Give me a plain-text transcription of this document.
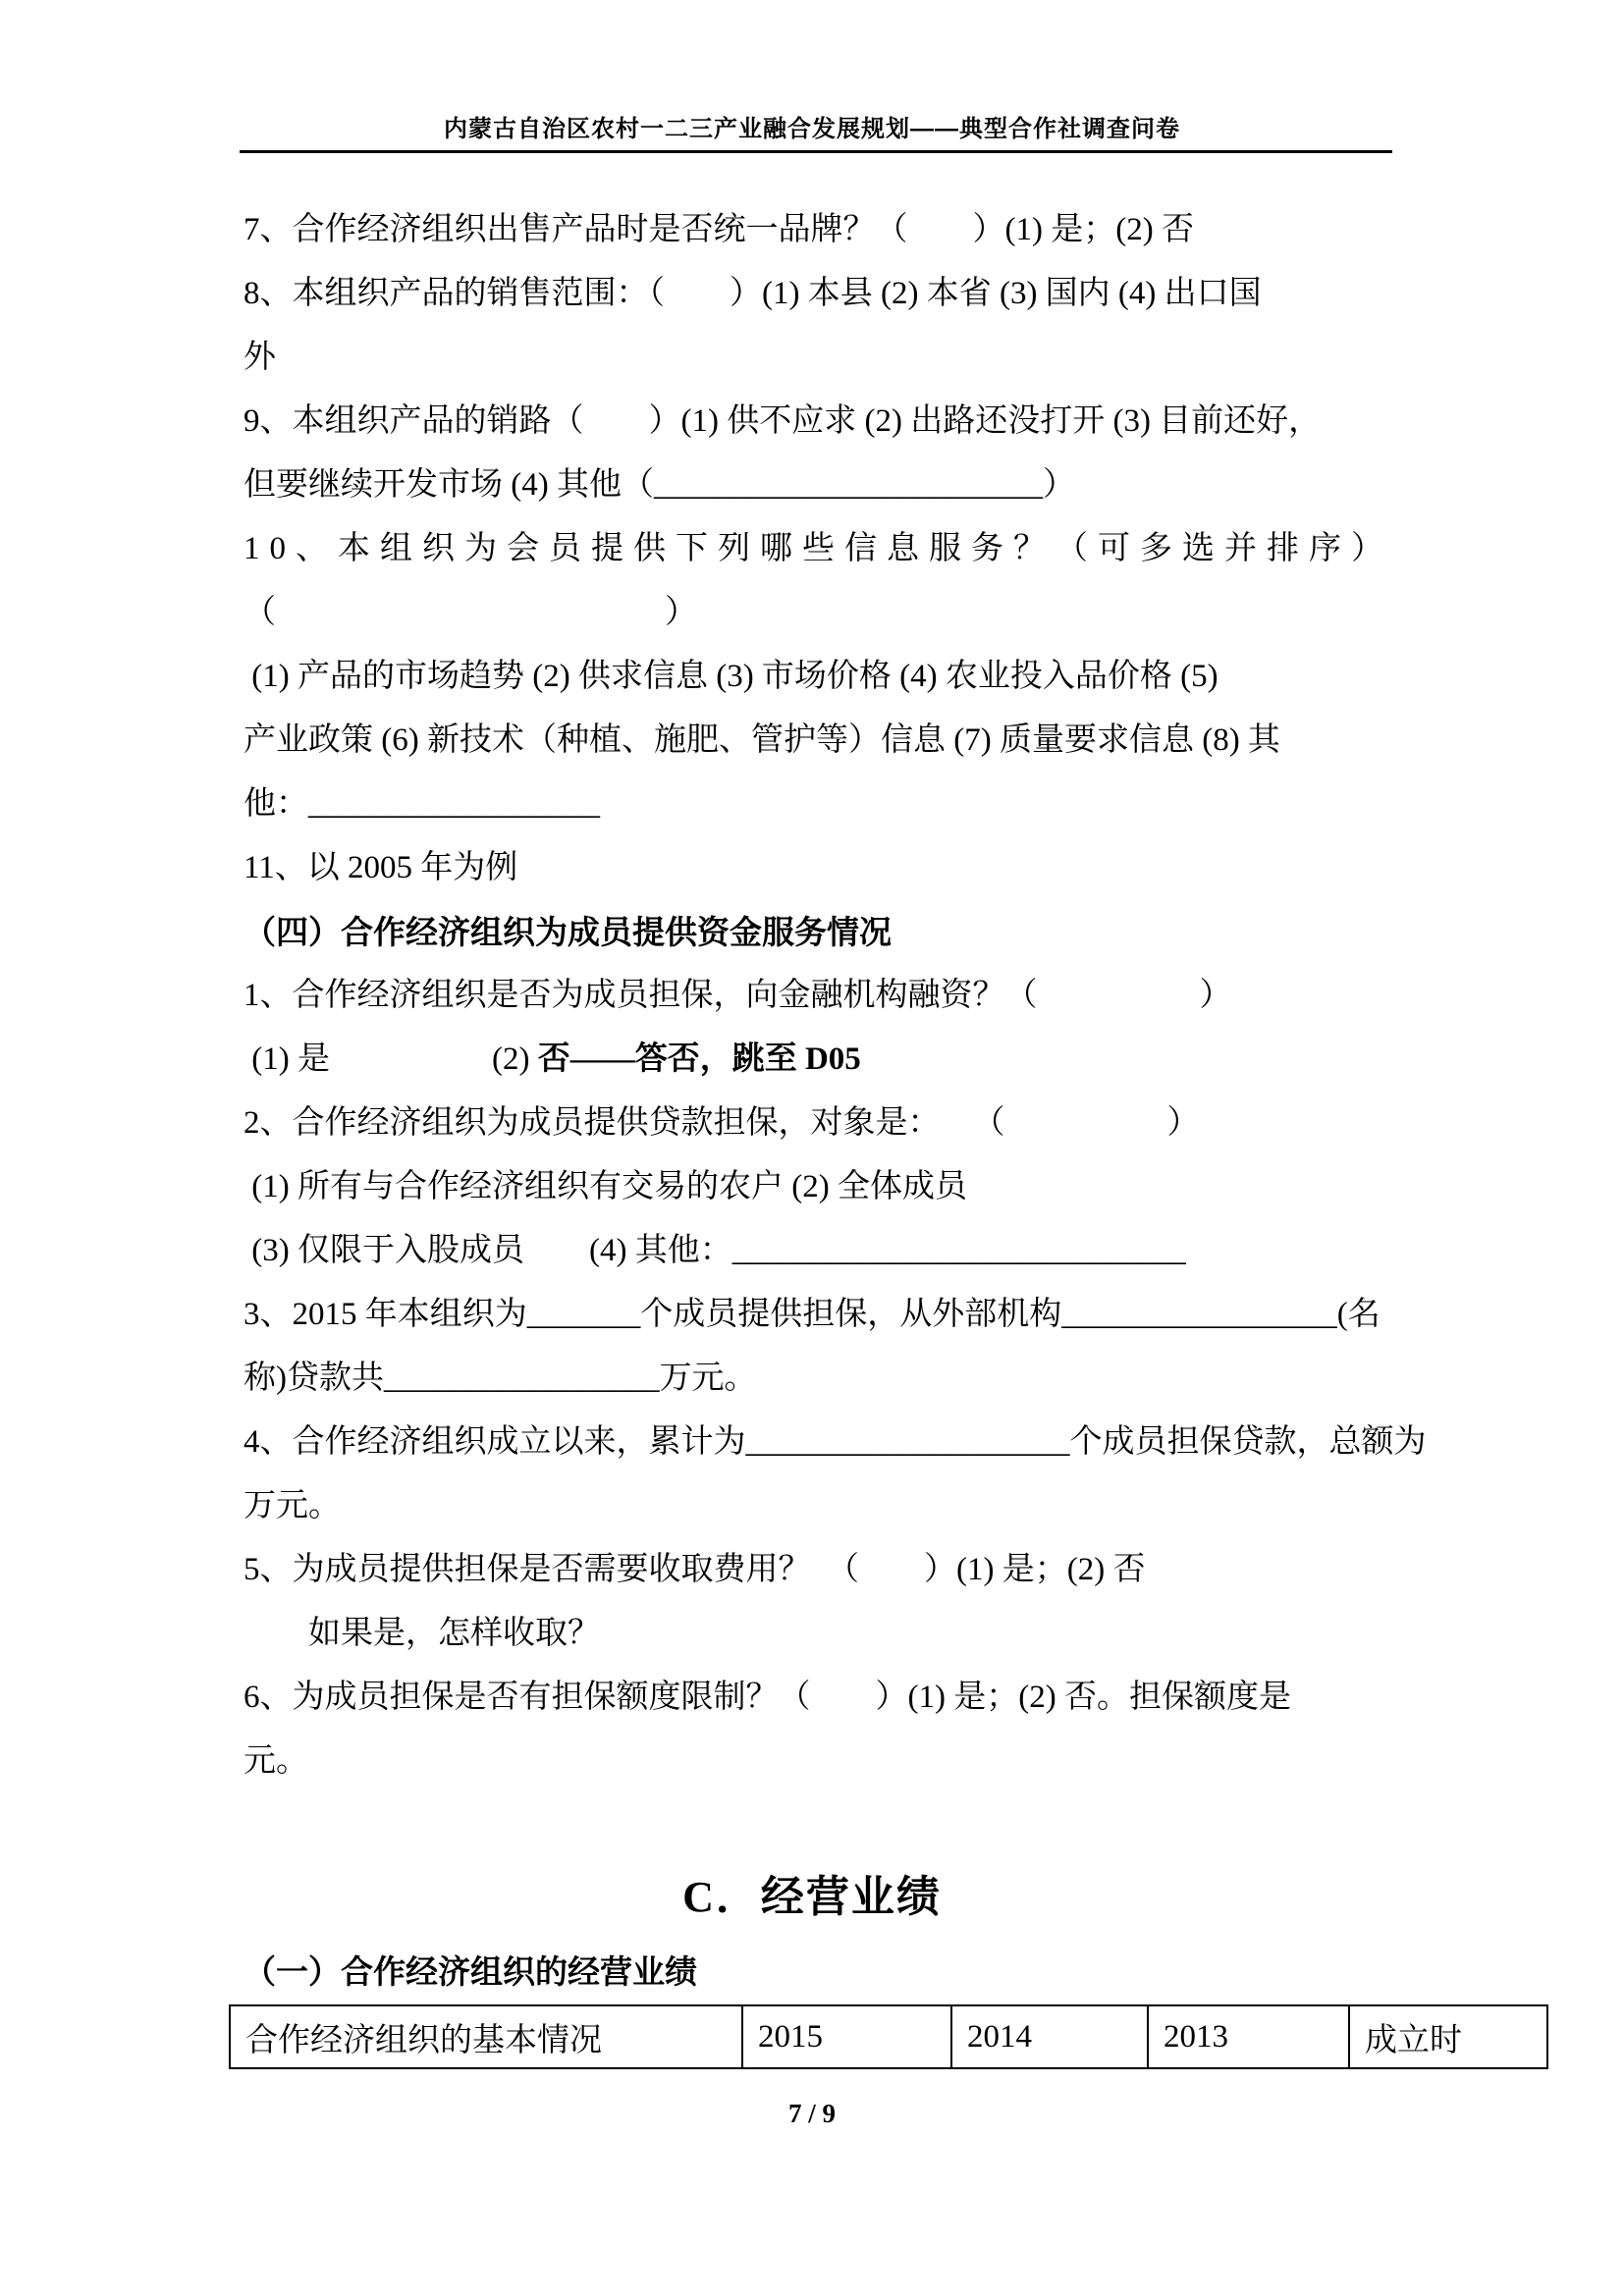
内蒙古自治区农村一二三产业融合发展规划——典型合作社调查问卷
7、合作经济组织出售产品时是否统一品牌？（　　）(1) 是；(2) 否
8、本组织产品的销售范围：（　　）(1) 本县 (2) 本省 (3) 国内 (4) 出口国
外
9、本组织产品的销路（　　）(1) 供不应求 (2) 出路还没打开 (3) 目前还好，
但要继续开发市场 (4) 其他（________________________）
10、本组织为会员提供下列哪些信息服务？（可多选并排序）
（　　　　　　　　　　　　）
(1) 产品的市场趋势 (2) 供求信息 (3) 市场价格 (4) 农业投入品价格 (5)
产业政策 (6) 新技术（种植、施肥、管护等）信息 (7) 质量要求信息 (8) 其
他：__________________
11、以 2005 年为例
（四）合作经济组织为成员提供资金服务情况
1、合作经济组织是否为成员担保，向金融机构融资？（　　　　　）
(1) 是　　　　　(2) 否——答否，跳至 D05
2、合作经济组织为成员提供贷款担保，对象是：　　（　　　　　）
(1) 所有与合作经济组织有交易的农户 (2) 全体成员
(3) 仅限于入股成员　　(4) 其他：____________________________
3、2015 年本组织为_______个成员提供担保，从外部机构_________________(名
称)贷款共_________________万元。
4、合作经济组织成立以来，累计为____________________个成员担保贷款，总额为
万元。
5、为成员提供担保是否需要收取费用？　（　　）(1) 是；(2) 否
　　如果是，怎样收取？
6、为成员担保是否有担保额度限制？（　　）(1) 是；(2) 否。担保额度是
元。
C．经营业绩
（一）合作经济组织的经营业绩
合作经济组织的基本情况	2015	2014	2013	成立时
7 / 9
